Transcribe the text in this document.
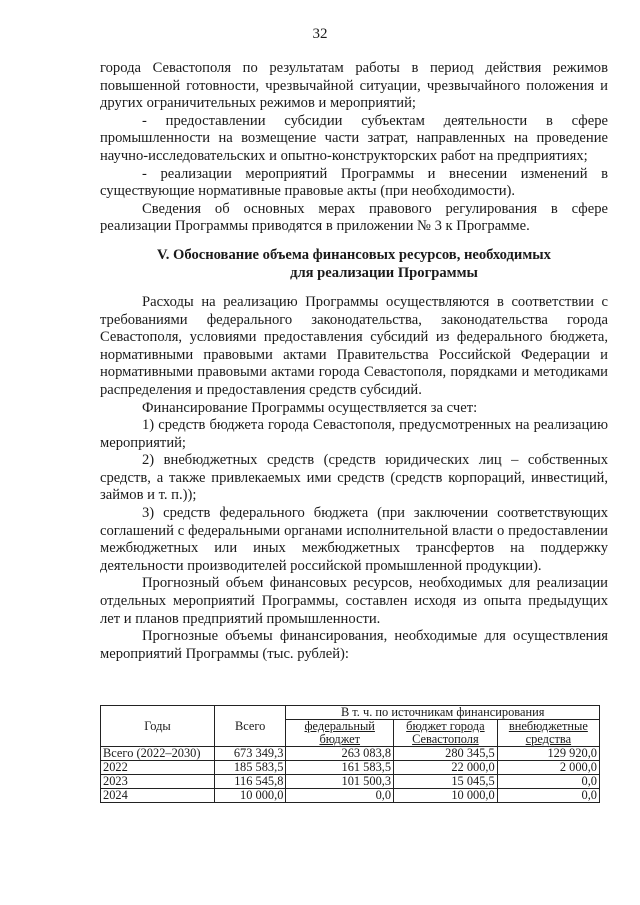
32

города Севастополя по результатам работы в период действия режимов повышенной готовности, чрезвычайной ситуации, чрезвычайного положения и других ограничительных режимов и мероприятий;

- предоставлении субсидии субъектам деятельности в сфере промышленности на возмещение части затрат, направленных на проведение научно-исследовательских и опытно-конструкторских работ на предприятиях;

- реализации мероприятий Программы и внесении изменений в существующие нормативные правовые акты (при необходимости).

Сведения об основных мерах правового регулирования в сфере реализации Программы приводятся в приложении № 3 к Программе.

V. Обоснование объема финансовых ресурсов, необходимых
для реализации Программы

Расходы на реализацию Программы осуществляются в соответствии с требованиями федерального законодательства, законодательства города Севастополя, условиями предоставления субсидий из федерального бюджета, нормативными правовыми актами Правительства Российской Федерации и нормативными правовыми актами города Севастополя, порядками и методиками распределения и предоставления средств субсидий.

Финансирование Программы осуществляется за счет:

1) средств бюджета города Севастополя, предусмотренных на реализацию мероприятий;

2) внебюджетных средств (средств юридических лиц – собственных средств, а также привлекаемых ими средств (средств корпораций, инвестиций, займов и т. п.));

3) средств федерального бюджета (при заключении соответствующих соглашений с федеральными органами исполнительной власти о предоставлении межбюджетных или иных межбюджетных трансфертов на поддержку деятельности производителей российской промышленной продукции).

Прогнозный объем финансовых ресурсов, необходимых для реализации отдельных мероприятий Программы, составлен исходя из опыта предыдущих лет и планов предприятий промышленности.

Прогнозные объемы финансирования, необходимые для осуществления мероприятий Программы (тыс. рублей):

Годы	Всего	В т. ч. по источникам финансирования		
		федеральный бюджет	бюджет города Севастополя	внебюджетные средства
Всего (2022–2030)	673 349,3	263 083,8	280 345,5	129 920,0
2022	185 583,5	161 583,5	22 000,0	2 000,0
2023	116 545,8	101 500,3	15 045,5	0,0
2024	10 000,0	0,0	10 000,0	0,0
